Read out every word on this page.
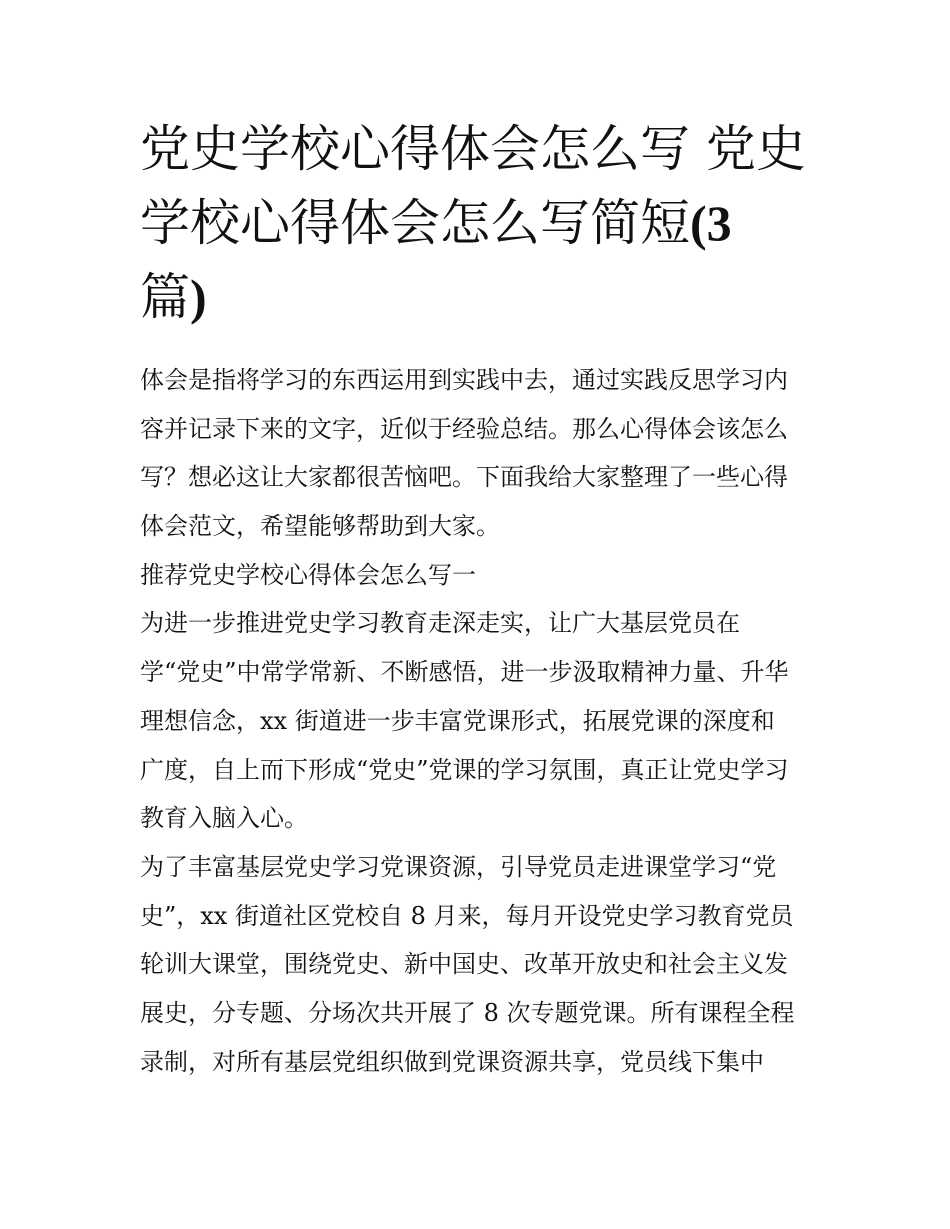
党史学校心得体会怎么写 党史
学校心得体会怎么写简短(3
篇)
体会是指将学习的东西运用到实践中去，通过实践反思学习内
容并记录下来的文字，近似于经验总结。那么心得体会该怎么
写？想必这让大家都很苦恼吧。下面我给大家整理了一些心得
体会范文，希望能够帮助到大家。
推荐党史学校心得体会怎么写一
为进一步推进党史学习教育走深走实，让广大基层党员在
学“党史”中常学常新、不断感悟，进一步汲取精神力量、升华
理想信念，xx 街道进一步丰富党课形式，拓展党课的深度和
广度，自上而下形成“党史”党课的学习氛围，真正让党史学习
教育入脑入心。
为了丰富基层党史学习党课资源，引导党员走进课堂学习“党
史”，xx 街道社区党校自 8 月来，每月开设党史学习教育党员
轮训大课堂，围绕党史、新中国史、改革开放史和社会主义发
展史，分专题、分场次共开展了 8 次专题党课。所有课程全程
录制，对所有基层党组织做到党课资源共享，党员线下集中
